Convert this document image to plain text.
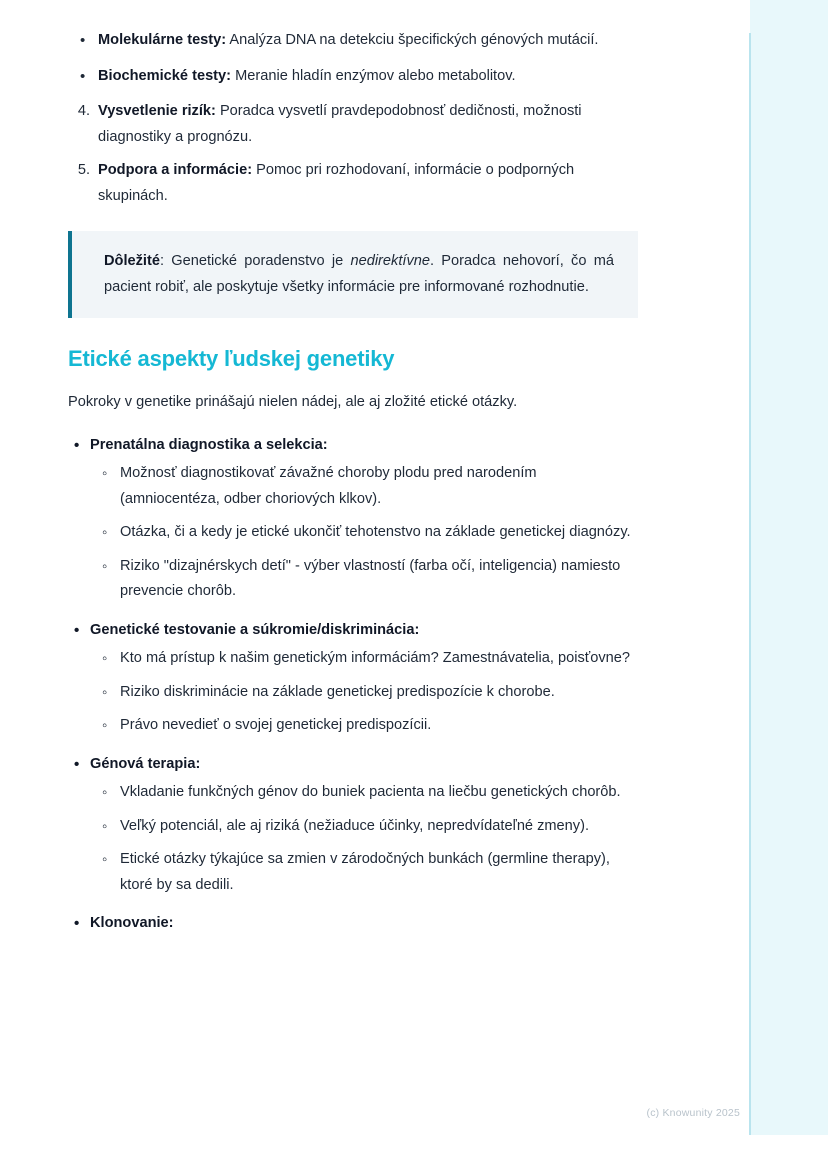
• Molekulárne testy: Analýza DNA na detekciu špecifických génových mutácií.
• Biochemické testy: Meranie hladín enzýmov alebo metabolitov.
4. Vysvetlenie rizík: Poradca vysvetlí pravdepodobnosť dedičnosti, možnosti diagnostiky a prognózu.
5. Podpora a informácie: Pomoc pri rozhodovaní, informácie o podporných skupinách.
Dôležité: Genetické poradenstvo je nedirektívne. Poradca nehovorí, čo má pacient robiť, ale poskytuje všetky informácie pre informované rozhodnutie.
Etické aspekty ľudskej genetiky

Pokroky v genetike prinášajú nielen nádej, ale aj zložité etické otázky.

• Prenatálna diagnostika a selekcia:
◦ Možnosť diagnostikovať závažné choroby plodu pred narodením (amniocentéza, odber choriových klkov).
◦ Otázka, či a kedy je etické ukončiť tehotenstvo na základe genetickej diagnózy.
◦ Riziko "dizajnérskych detí" - výber vlastností (farba očí, inteligencia) namiesto prevencie chorôb.
• Genetické testovanie a súkromie/diskriminácia:
◦ Kto má prístup k našim genetickým informáciám? Zamestnávatelia, poisťovne?
◦ Riziko diskriminácie na základe genetickej predispozície k chorobe.
◦ Právo nevedieť o svojej genetickej predispozícii.
• Génová terapia:
◦ Vkladanie funkčných génov do buniek pacienta na liečbu genetických chorôb.
◦ Veľký potenciál, ale aj riziká (nežiaduce účinky, nepredvídateľné zmeny).
◦ Etické otázky týkajúce sa zmien v zárodočných bunkách (germline therapy), ktoré by sa dedili.
• Klonovanie:
(c) Knowunity 2025
